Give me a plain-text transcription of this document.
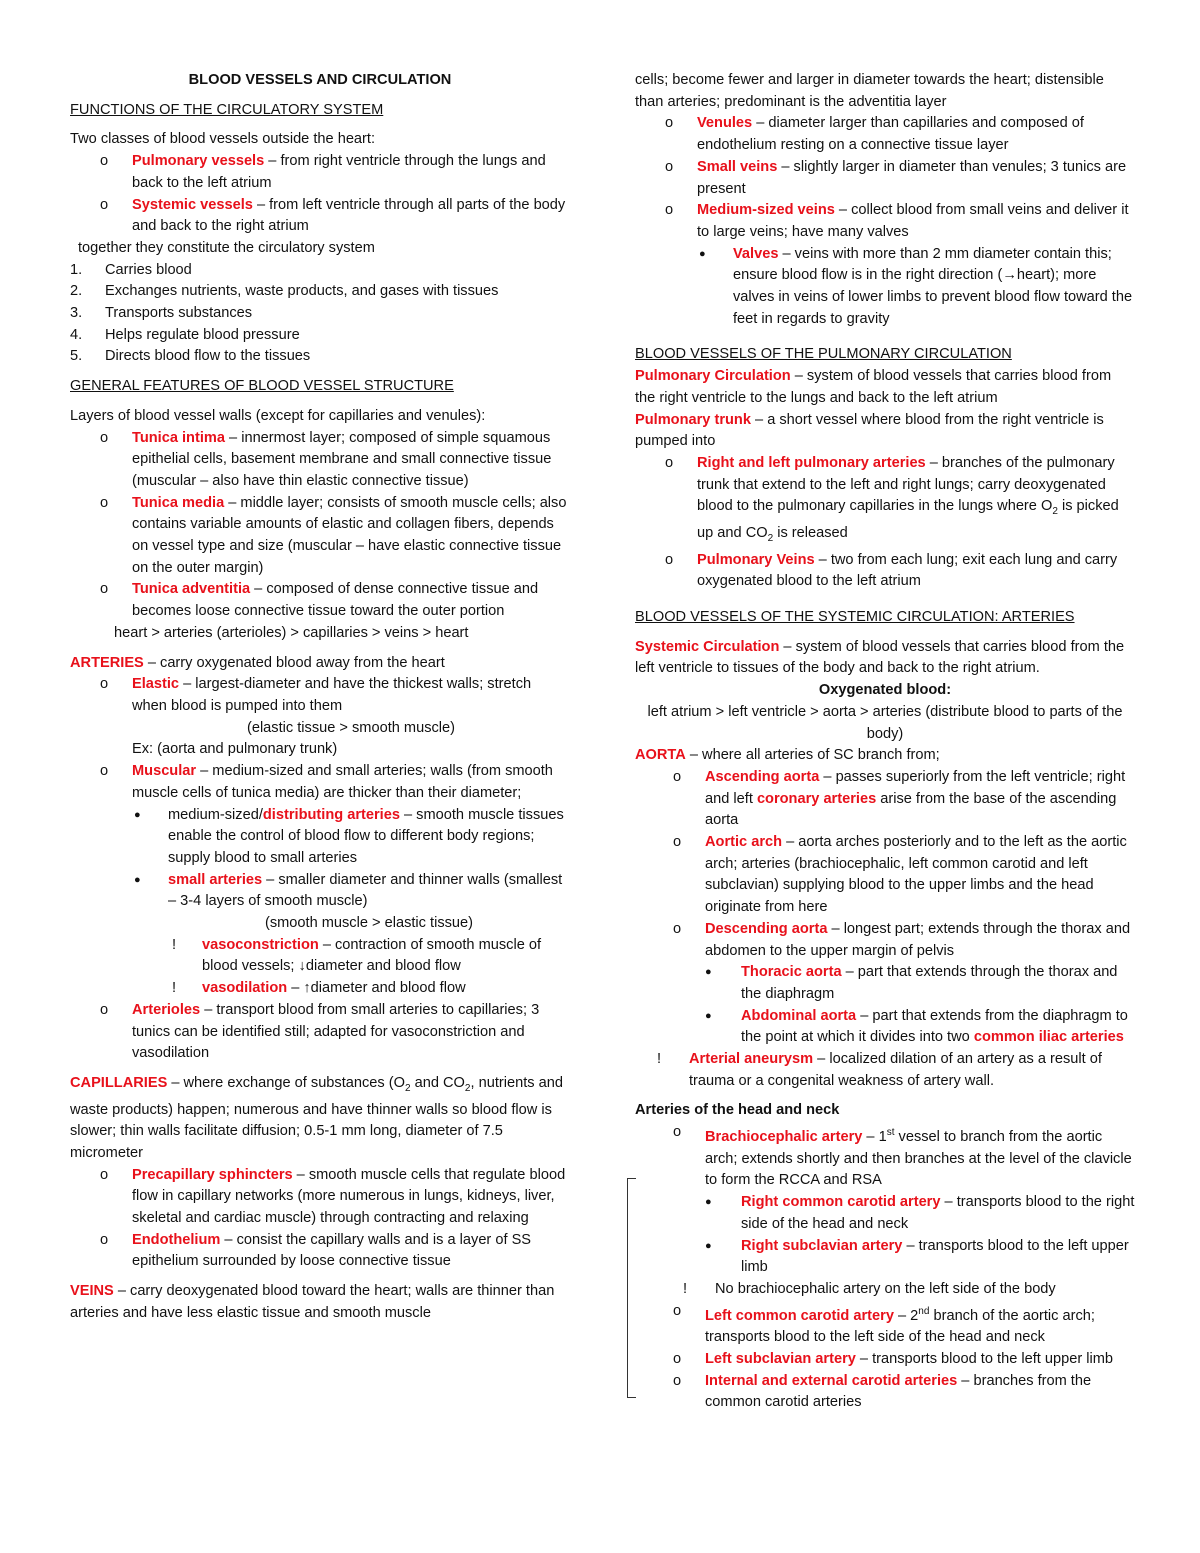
BLOOD VESSELS AND CIRCULATION

FUNCTIONS OF THE CIRCULATORY SYSTEM

Two classes of blood vessels outside the heart:

o Pulmonary vessels – from right ventricle through the lungs and back to the left atrium
o Systemic vessels – from left ventricle through all parts of the body and back to the right atrium

together they constitute the circulatory system

1. Carries blood
2. Exchanges nutrients, waste products, and gases with tissues
3. Transports substances
4. Helps regulate blood pressure
5. Directs blood flow to the tissues

GENERAL FEATURES OF BLOOD VESSEL STRUCTURE

Layers of blood vessel walls (except for capillaries and venules):

o Tunica intima – innermost layer; composed of simple squamous epithelial cells, basement membrane and small connective tissue (muscular – also have thin elastic connective tissue)
o Tunica media – middle layer; consists of smooth muscle cells; also contains variable amounts of elastic and collagen fibers, depends on vessel type and size (muscular – have elastic connective tissue on the outer margin)
o Tunica adventitia – composed of dense connective tissue and becomes loose connective tissue toward the outer portion

heart > arteries (arterioles) > capillaries > veins > heart

ARTERIES – carry oxygenated blood away from the heart

o Elastic – largest-diameter and have the thickest walls; stretch when blood is pumped into them

(elastic tissue > smooth muscle)

Ex: (aorta and pulmonary trunk)

o Muscular – medium-sized and small arteries; walls (from smooth muscle cells of tunica media) are thicker than their diameter;
● medium-sized/distributing arteries – smooth muscle tissues enable the control of blood flow to different body regions; supply blood to small arteries
● small arteries – smaller diameter and thinner walls (smallest – 3-4 layers of smooth muscle)

(smooth muscle > elastic tissue)

! vasoconstriction – contraction of smooth muscle of blood vessels; ↓diameter and blood flow
! vasodilation – ↑diameter and blood flow
o Arterioles – transport blood from small arteries to capillaries; 3 tunics can be identified still; adapted for vasoconstriction and vasodilation

CAPILLARIES – where exchange of substances ($O_2$ and $CO_2$, nutrients and waste products) happen; numerous and have thinner walls so blood flow is slower; thin walls facilitate diffusion; 0.5-1 mm long, diameter of 7.5 micrometer

o Precapillary sphincters – smooth muscle cells that regulate blood flow in capillary networks (more numerous in lungs, kidneys, liver, skeletal and cardiac muscle) through contracting and relaxing
o Endothelium – consist the capillary walls and is a layer of SS epithelium surrounded by loose connective tissue

VEINS – carry deoxygenated blood toward the heart; walls are thinner than arteries and have less elastic tissue and smooth muscle

cells; become fewer and larger in diameter towards the heart; distensible than arteries; predominant is the adventitia layer

o Venules – diameter larger than capillaries and composed of endothelium resting on a connective tissue layer
o Small veins – slightly larger in diameter than venules; 3 tunics are present
o Medium-sized veins – collect blood from small veins and deliver it to large veins; have many valves
● Valves – veins with more than 2 mm diameter contain this; ensure blood flow is in the right direction (→heart); more valves in veins of lower limbs to prevent blood flow toward the feet in regards to gravity

BLOOD VESSELS OF THE PULMONARY CIRCULATION

Pulmonary Circulation – system of blood vessels that carries blood from the right ventricle to the lungs and back to the left atrium

Pulmonary trunk – a short vessel where blood from the right ventricle is pumped into

o Right and left pulmonary arteries – branches of the pulmonary trunk that extend to the left and right lungs; carry deoxygenated blood to the pulmonary capillaries in the lungs where $O_2$ is picked up and $CO_2$ is released
o Pulmonary Veins – two from each lung; exit each lung and carry oxygenated blood to the left atrium

BLOOD VESSELS OF THE SYSTEMIC CIRCULATION: ARTERIES

Systemic Circulation – system of blood vessels that carries blood from the left ventricle to tissues of the body and back to the right atrium.

Oxygenated blood:

left atrium > left ventricle > aorta > arteries (distribute blood to parts of the body)

AORTA – where all arteries of SC branch from;

o Ascending aorta – passes superiorly from the left ventricle; right and left coronary arteries arise from the base of the ascending aorta
o Aortic arch – aorta arches posteriorly and to the left as the aortic arch; arteries (brachiocephalic, left common carotid and left subclavian) supplying blood to the upper limbs and the head originate from here
o Descending aorta – longest part; extends through the thorax and abdomen to the upper margin of pelvis
● Thoracic aorta – part that extends through the thorax and the diaphragm
● Abdominal aorta – part that extends from the diaphragm to the point at which it divides into two common iliac arteries
! Arterial aneurysm – localized dilation of an artery as a result of trauma or a congenital weakness of artery wall.

Arteries of the head and neck

o Brachiocephalic artery – 1st vessel to branch from the aortic arch; extends shortly and then branches at the level of the clavicle to form the RCCA and RSA
● Right common carotid artery – transports blood to the right side of the head and neck
● Right subclavian artery – transports blood to the left upper limb
! No brachiocephalic artery on the left side of the body
o Left common carotid artery – 2nd branch of the aortic arch; transports blood to the left side of the head and neck
o Left subclavian artery – transports blood to the left upper limb
o Internal and external carotid arteries – branches from the common carotid arteries
